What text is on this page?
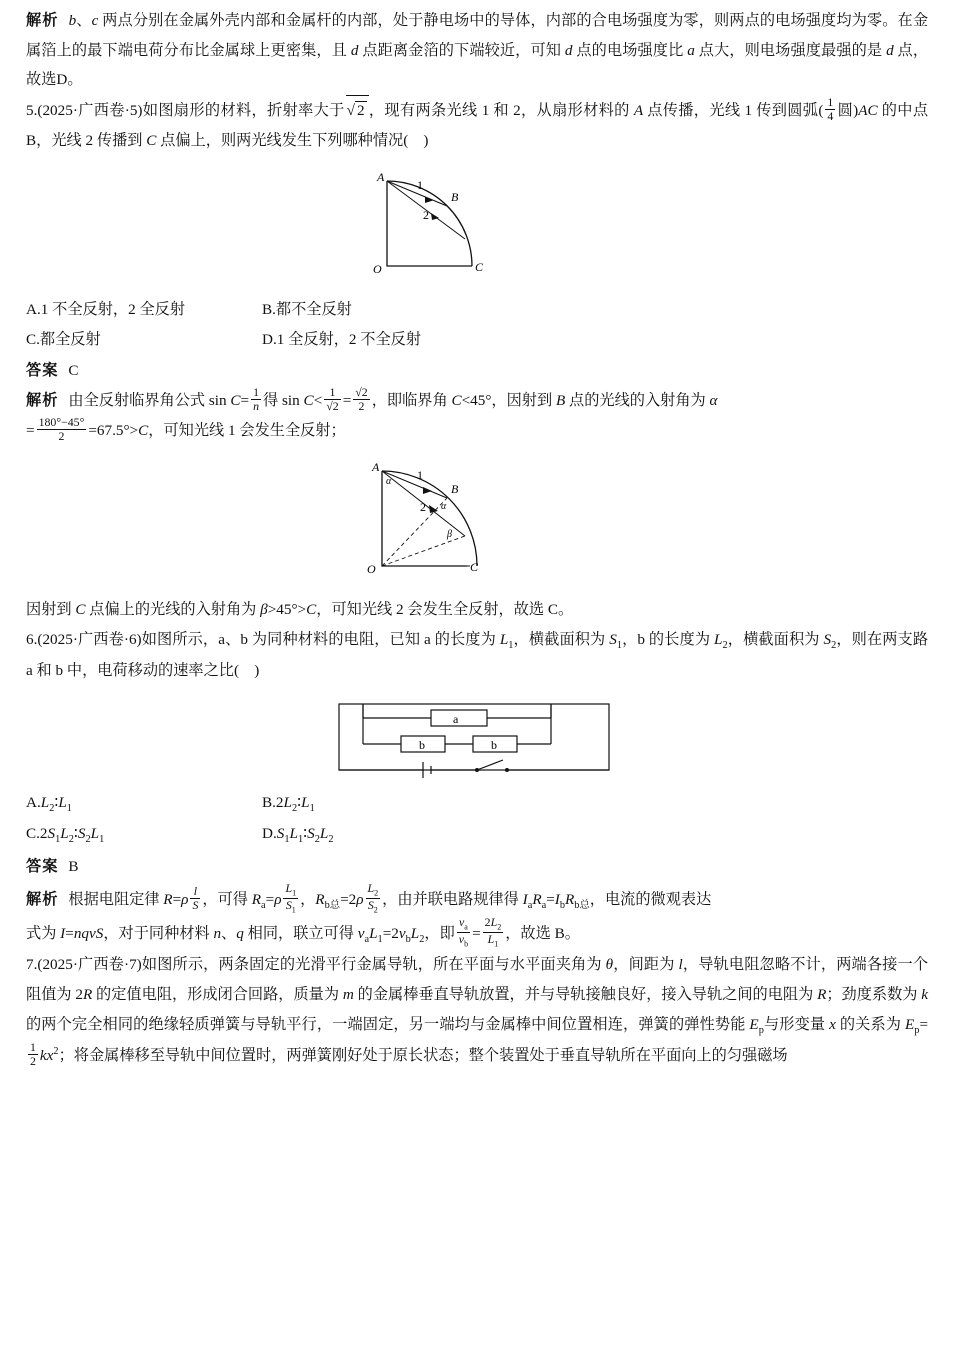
解析 b、c 两点分别在金属外壳内部和金属杆的内部，处于静电场中的导体，内部的合电场强度为零，则两点的电场强度均为零。在金属箔上的最下端电荷分布比金属球上更密集，且 d 点距离金箔的下端较近，可知 d 点的电场强度比 a 点大，则电场强度最强的是 d 点，故选D。

5.(2025·广西卷·5)如图扇形的材料，折射率大于 √ 2 ，现有两条光线 1 和 2，从扇形材料的 A 点传播，光线 1 传到圆弧( $\frac{1}{4}$ 圆)AC 的中点 B，光线 2 传播到 C 点偏上，则两光线发生下列哪种情况(    )

A
1
B
2
C
O
A.1 不全反射，2 全反射	B.都不全反射
C.都全反射	D.1 全反射，2 不全反射

答案 C

解析 由全反射临界角公式 $\sin C= \frac{1}{n}$ 得 $\sin C< \frac{1}{√2} = \frac{√2}{2}$ ，即临界角 C<45°，因射到 B 点的光线的入射角为 α

= $\frac{180^\circ-45^\circ}{2} =67.5^\circ>C$，可知光线 1 会发生全反射；

A
α 1
B
2 α
β
C
O

因射到 C 点偏上的光线的入射角为 β>45°>C，可知光线 2 会发生全反射，故选 C。

6.(2025·广西卷·6)如图所示，a、b 为同种材料的电阻，已知 a 的长度为 $L_1$，横截面积为 $S_1$，b 的长度为 $L_2$，横截面积为 $S_2$，则在两支路 a 和 b 中，电荷移动的速率之比(    )

a
b	b
$A.L_2∶L_1$	$B.2L_2∶L_1$
$C.2S_1L_2∶S_2L_1$	$D.S_1L_1∶S_2L_2$

答案 B

解析 根据电阻定律 $R=\rho \frac{l}{S}$ ，可得 $R_a=\rho \frac{L_1}{S_1}$ ，$R_{b总}=2\rho \frac{L_2}{S_2}$ ，由并联电路规律得 $I_aR_a=I_bR_{b总}$，电流的微观表达

式为 I=nqvS，对于同种材料 n、q 相同，联立可得 $v_aL_1=2v_bL_2$，即 $\frac{v_a}{v_b} = \frac{2L_2}{L_1}$ ，故选 B。

7.(2025·广西卷·7)如图所示，两条固定的光滑平行金属导轨，所在平面与水平面夹角为 θ，间距为 l，导轨电阻忽略不计，两端各接一个阻值为 2R 的定值电阻，形成闭合回路，质量为 m 的金属棒垂直导轨放置，并与导轨接触良好，接入导轨之间的电阻为 R；劲度系数为 k 的两个完全相同的绝缘轻质弹簧与导轨平行，一端固定，另一端均与金属棒中间位置相连，弹簧的弹性势能 $E_p$与形变量 x 的关系为 $E_p=$
$\frac{1}{2} kx^2$；将金属棒移至导轨中间位置时，两弹簧刚好处于原长状态；整个装置处于垂直导轨所在平面向上的匀强磁场
